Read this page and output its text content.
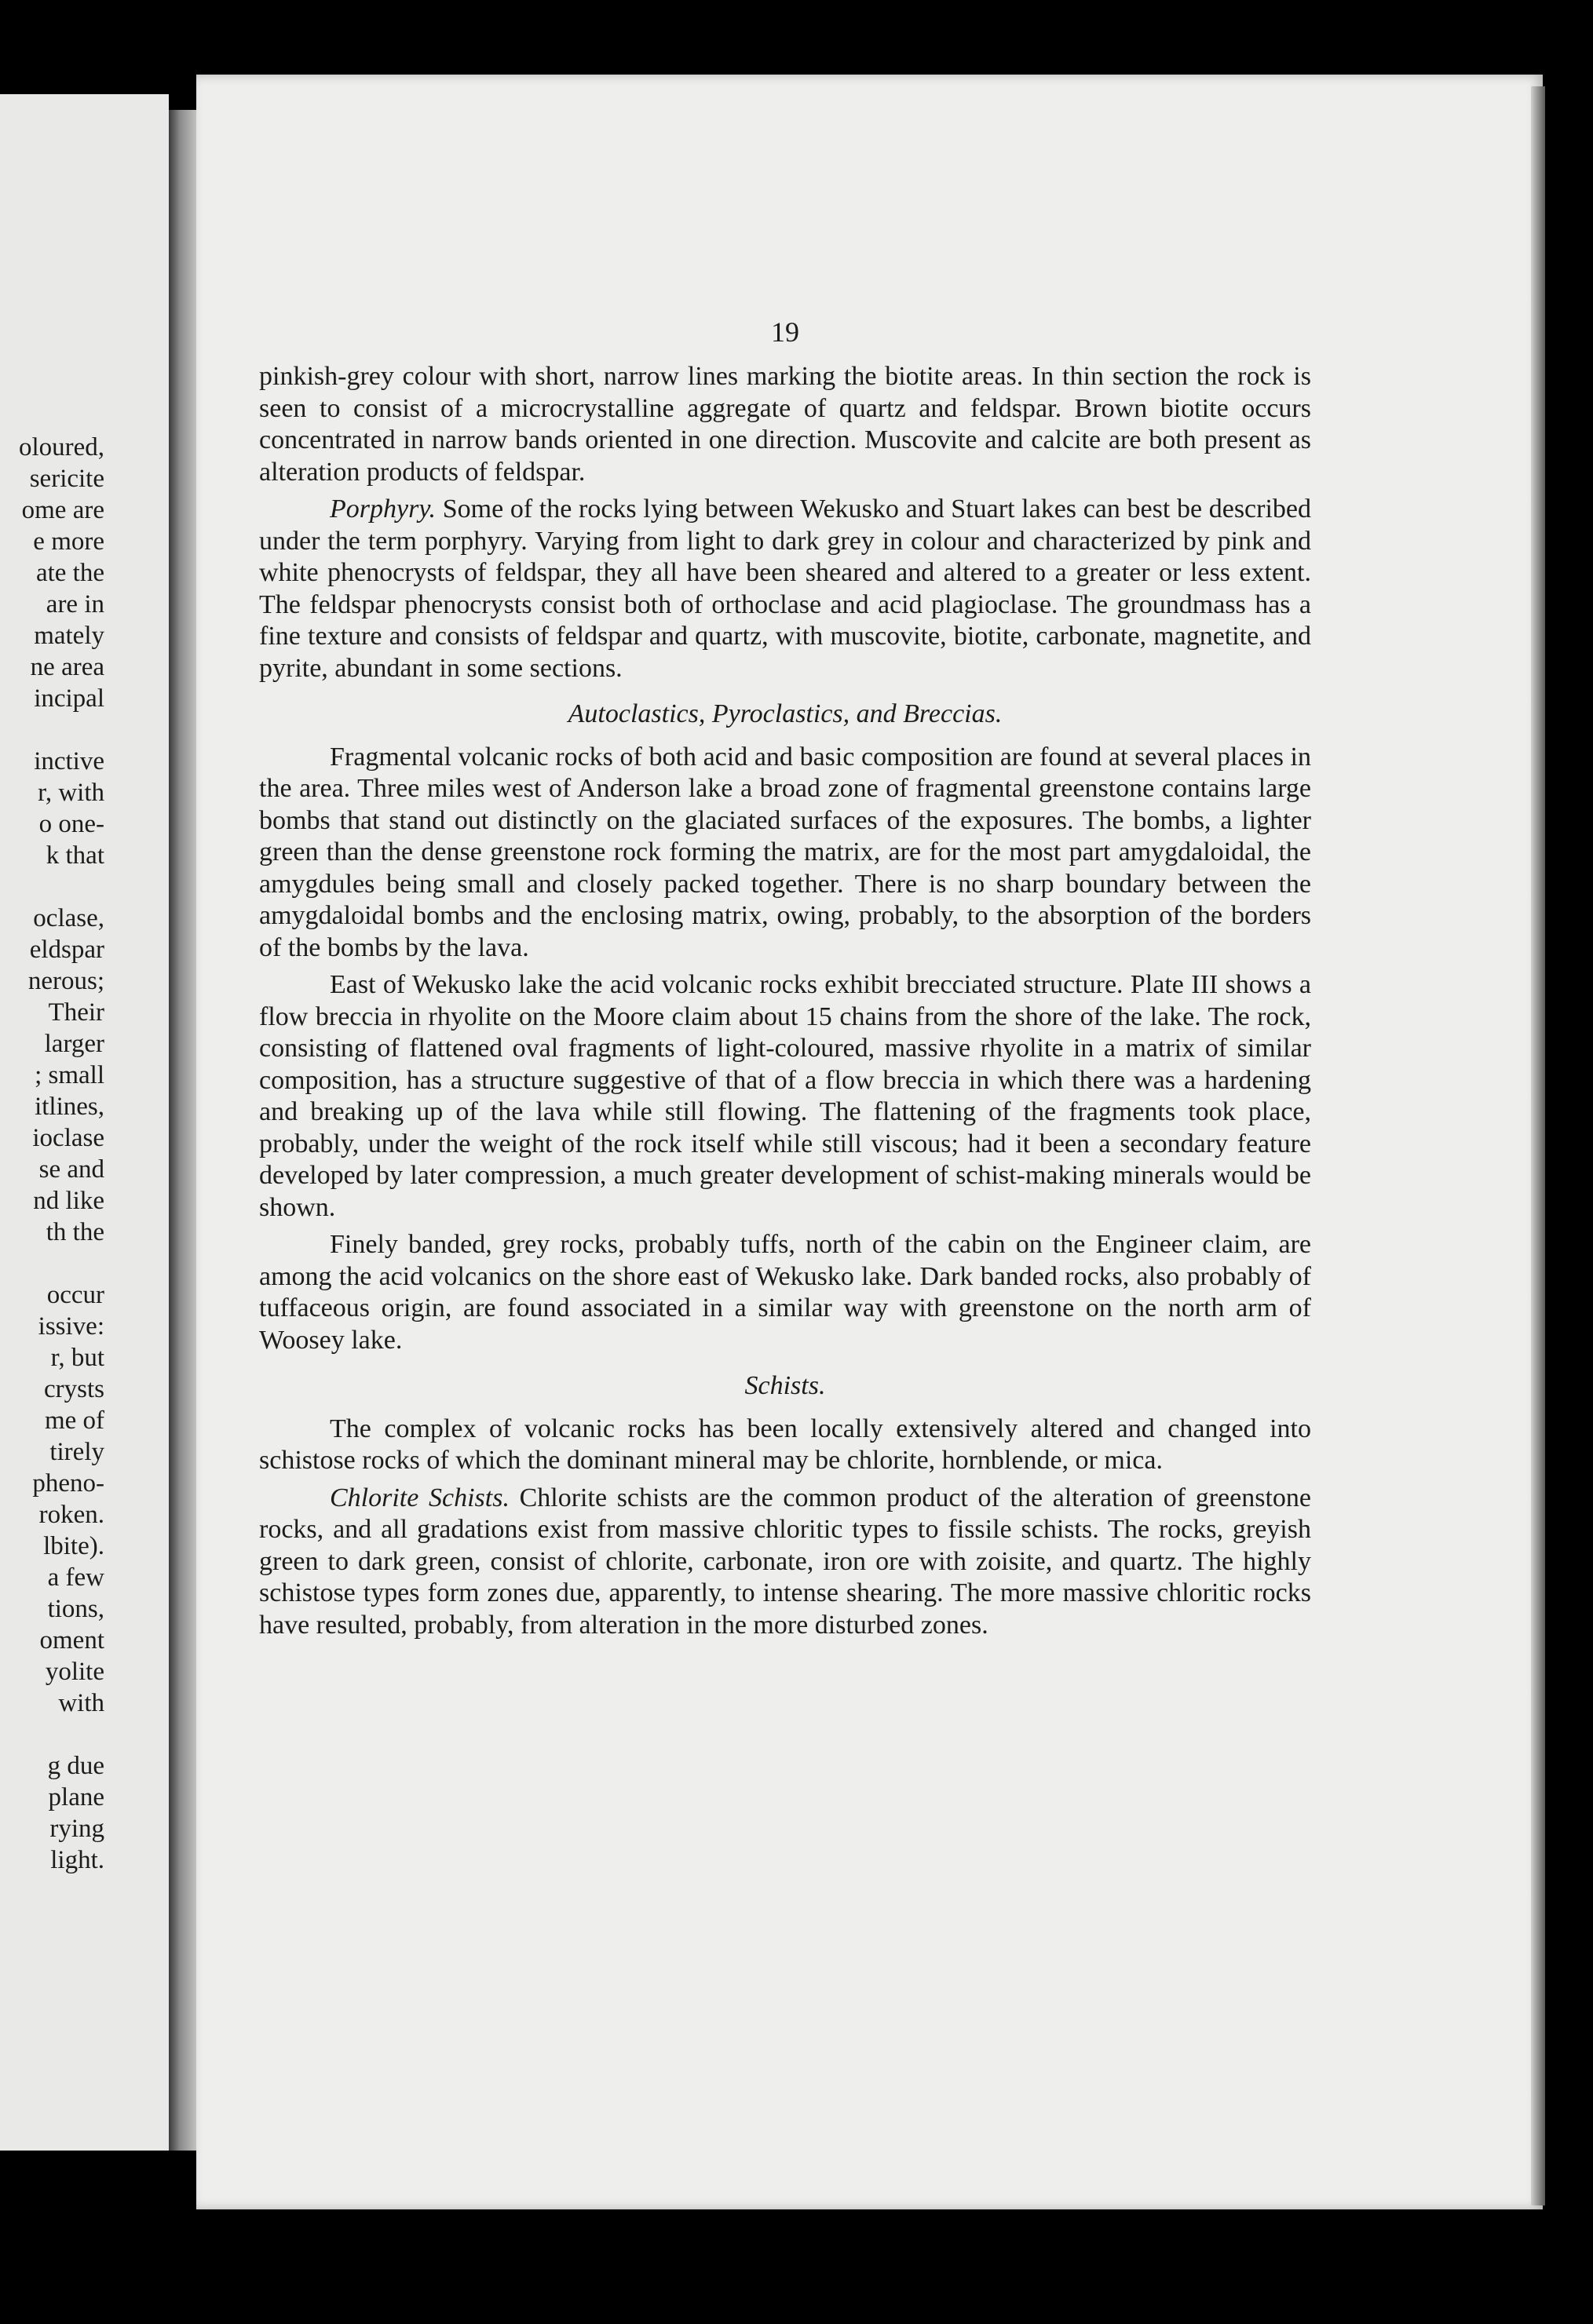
oloured,
sericite
ome are
e more
ate the
are in
mately
ne area
incipal
inctive
r, with
o one-
k that
oclase,
eldspar
nerous;
Their
larger
; small
itlines,
ioclase
se and
nd like
th the
occur
issive:
r, but
crysts
me of
tirely
pheno-
roken.
lbite).
a few
tions,
oment
yolite
with
g due
plane
rying
light.
19

pinkish-grey colour with short, narrow lines marking the biotite areas. In thin section the rock is seen to consist of a microcrystalline aggregate of quartz and feldspar. Brown biotite occurs concentrated in narrow bands oriented in one direction. Muscovite and calcite are both present as alteration products of feldspar.

Porphyry. Some of the rocks lying between Wekusko and Stuart lakes can best be described under the term porphyry. Varying from light to dark grey in colour and characterized by pink and white phenocrysts of feldspar, they all have been sheared and altered to a greater or less extent. The feldspar phenocrysts consist both of orthoclase and acid plagioclase. The groundmass has a fine texture and consists of feldspar and quartz, with muscovite, biotite, carbonate, magnetite, and pyrite, abundant in some sections.

Autoclastics, Pyroclastics, and Breccias.

Fragmental volcanic rocks of both acid and basic composition are found at several places in the area. Three miles west of Anderson lake a broad zone of fragmental greenstone contains large bombs that stand out distinctly on the glaciated surfaces of the exposures. The bombs, a lighter green than the dense greenstone rock forming the matrix, are for the most part amygdaloidal, the amygdules being small and closely packed together. There is no sharp boundary between the amygdaloidal bombs and the enclosing matrix, owing, probably, to the absorption of the borders of the bombs by the lava.

East of Wekusko lake the acid volcanic rocks exhibit brecciated structure. Plate III shows a flow breccia in rhyolite on the Moore claim about 15 chains from the shore of the lake. The rock, consisting of flattened oval fragments of light-coloured, massive rhyolite in a matrix of similar composition, has a structure suggestive of that of a flow breccia in which there was a hardening and breaking up of the lava while still flowing. The flattening of the fragments took place, probably, under the weight of the rock itself while still viscous; had it been a secondary feature developed by later compression, a much greater development of schist-making minerals would be shown.

Finely banded, grey rocks, probably tuffs, north of the cabin on the Engineer claim, are among the acid volcanics on the shore east of Wekusko lake. Dark banded rocks, also probably of tuffaceous origin, are found associated in a similar way with greenstone on the north arm of Woosey lake.

Schists.

The complex of volcanic rocks has been locally extensively altered and changed into schistose rocks of which the dominant mineral may be chlorite, hornblende, or mica.

Chlorite Schists. Chlorite schists are the common product of the alteration of greenstone rocks, and all gradations exist from massive chloritic types to fissile schists. The rocks, greyish green to dark green, consist of chlorite, carbonate, iron ore with zoisite, and quartz. The highly schistose types form zones due, apparently, to intense shearing. The more massive chloritic rocks have resulted, probably, from alteration in the more disturbed zones.
